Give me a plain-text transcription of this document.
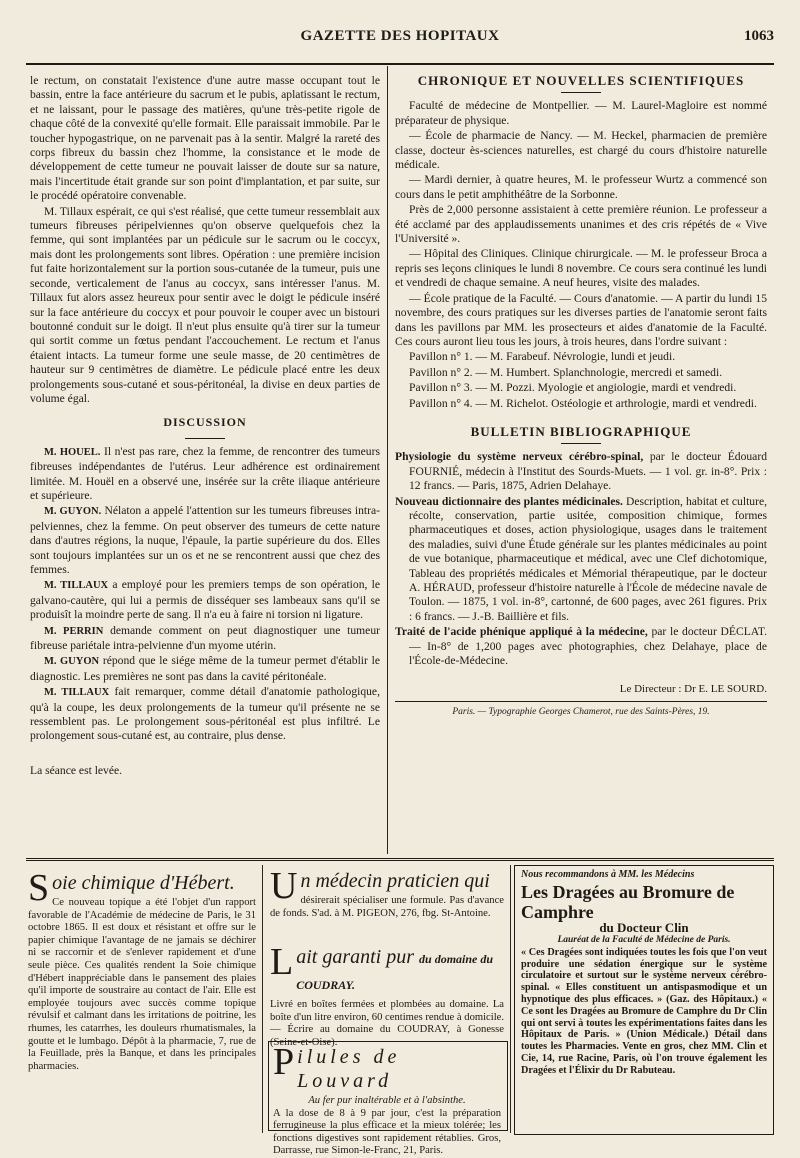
GAZETTE DES HOPITAUX	1063

le rectum, on constatait l'existence d'une autre masse occupant tout le bassin, entre la face antérieure du sacrum et le pubis, aplatissant le rectum, et ne laissant, pour le passage des matières, qu'une très-petite rigole de chaque côté de la convexité qu'elle formait. Elle paraissait immobile. Par le toucher hypogastrique, on ne parvenait pas à la sentir. Malgré la rareté des corps fibreux du bassin chez l'homme, la consistance et le mode de développement de cette tumeur ne pouvait laisser de doute sur sa nature, mais l'incertitude était grande sur son point d'implantation, et par suite, sur le procédé opératoire convenable.

M. Tillaux espérait, ce qui s'est réalisé, que cette tumeur ressemblait aux tumeurs fibreuses péripelviennes qu'on observe quelquefois chez la femme, qui sont implantées par un pédicule sur le sacrum ou le coccyx, mais dont les prolongements sont libres. Opération : une première incision fut faite horizontalement sur la portion sous-cutanée de la tumeur, puis une seconde, verticalement de l'anus au coccyx, sans intéresser l'anus. M. Tillaux fut alors assez heureux pour sentir avec le doigt le pédicule inséré sur la face antérieure du coccyx et pour pouvoir le couper avec un bistouri boutonné conduit sur le doigt. Il n'eut plus ensuite qu'à tirer sur la tumeur qui sortit comme un fœtus pendant l'accouchement. Le rectum et l'anus étaient intacts. La tumeur forme une seule masse, de 20 centimètres de hauteur sur 9 centimètres de diamètre. Le pédicule placé entre les deux prolongements sous-cutané et sous-péritonéal, la divise en deux parties de volume égal.

DISCUSSION

M. HOUEL. Il n'est pas rare, chez la femme, de rencontrer des tumeurs fibreuses indépendantes de l'utérus. Leur adhérence est ordinairement limitée. M. Houël en a observé une, insérée sur la crête iliaque antérieure et supérieure.

M. GUYON. Nélaton a appelé l'attention sur les tumeurs fibreuses intra-pelviennes, chez la femme. On peut observer des tumeurs de cette nature dans d'autres régions, la nuque, l'épaule, la partie supérieure du dos. Elles sont toujours implantées sur un os et ne se rencontrent aussi que chez des femmes.

M. TILLAUX a employé pour les premiers temps de son opération, le galvano-cautère, qui lui a permis de disséquer ses lambeaux sans qu'il se produisît la moindre perte de sang. Il n'a eu à faire ni torsion ni ligature.

M. PERRIN demande comment on peut diagnostiquer une tumeur fibreuse pariétale intra-pelvienne d'un myome utérin.

M. GUYON répond que le siége même de la tumeur permet d'établir le diagnostic. Les premières ne sont pas dans la cavité péritonéale.

M. TILLAUX fait remarquer, comme détail d'anatomie pathologique, qu'à la coupe, les deux prolongements de la tumeur qu'il présente ne se ressemblent pas. Le prolongement sous-péritonéal est plus infiltré. Le prolongement sous-cutané est, au contraire, plus dense.

La séance est levée.

CHRONIQUE ET NOUVELLES SCIENTIFIQUES

Faculté de médecine de Montpellier. — M. Laurel-Magloire est nommé préparateur de physique.

— École de pharmacie de Nancy. — M. Heckel, pharmacien de première classe, docteur ès-sciences naturelles, est chargé du cours d'histoire naturelle médicale.

— Mardi dernier, à quatre heures, M. le professeur Wurtz a commencé son cours dans le petit amphithéâtre de la Sorbonne.

Près de 2,000 personne assistaient à cette première réunion. Le professeur a été acclamé par des applaudissements unanimes et des cris répétés de « Vive l'Université ».

— Hôpital des Cliniques. Clinique chirurgicale. — M. le professeur Broca a repris ses leçons cliniques le lundi 8 novembre. Ce cours sera continué les lundi et vendredi de chaque semaine. A neuf heures, visite des malades.

— École pratique de la Faculté. — Cours d'anatomie. — A partir du lundi 15 novembre, des cours pratiques sur les diverses parties de l'anatomie seront faits dans les pavillons par MM. les prosecteurs et aides d'anatomie de la Faculté. Ces cours auront lieu tous les jours, à trois heures, dans l'ordre suivant :

Pavillon n° 1. — M. Farabeuf. Névrologie, lundi et jeudi.

Pavillon n° 2. — M. Humbert. Splanchnologie, mercredi et samedi.

Pavillon n° 3. — M. Pozzi. Myologie et angiologie, mardi et vendredi.

Pavillon n° 4. — M. Richelot. Ostéologie et arthrologie, mardi et vendredi.

BULLETIN BIBLIOGRAPHIQUE

Physiologie du système nerveux cérébro-spinal, par le docteur Édouard FOURNIÉ, médecin à l'Institut des Sourds-Muets. — 1 vol. gr. in-8°. Prix : 12 francs. — Paris, 1875, Adrien Delahaye.

Nouveau dictionnaire des plantes médicinales. Description, habitat et culture, récolte, conservation, partie usitée, composition chimique, formes pharmaceutiques et doses, action physiologique, usages dans le traitement des maladies, suivi d'une Étude générale sur les plantes médicinales au point de vue botanique, pharmaceutique et médical, avec une Clef dichotomique, Tableau des propriétés médicales et Mémorial thérapeutique, par le docteur A. HÉRAUD, professeur d'histoire naturelle à l'École de médecine navale de Toulon. — 1875, 1 vol. in-8°, cartonné, de 600 pages, avec 261 figures. Prix : 6 francs. — J.-B. Baillière et fils.

Traité de l'acide phénique appliqué à la médecine, par le docteur DÉCLAT. — In-8° de 1,200 pages avec photographies, chez Delahaye, place de l'École-de-Médecine.

Le Directeur : Dr E. LE SOURD.
Paris. — Typographie Georges Chamerot, rue des Saints-Pères, 19.
Soie chimique d'Hébert.

Ce nouveau topique a été l'objet d'un rapport favorable de l'Académie de médecine de Paris, le 31 octobre 1865. Il est doux et résistant et offre sur le papier chimique l'avantage de ne jamais se déchirer ni se raccornir et de s'enlever rapidement et d'une seule pièce. Ces qualités rendent la Soie chimique d'Hébert inappréciable dans le pansement des plaies qu'il importe de soustraire au contact de l'air. Elle est employée toujours avec succès comme topique révulsif et calmant dans les irritations de poitrine, les rhumes, les catarrhes, les douleurs rhumatismales, la goutte et le lumbago. Dépôt à la pharmacie, 7, rue de la Feuillade, près la Banque, et dans les principales pharmacies.

Un médecin praticien qui

désirerait spécialiser une formule. Pas d'avance de fonds. S'ad. à M. PIGEON, 276, fbg. St-Antoine.

Lait garanti pur du domaine du COUDRAY.

Livré en boîtes fermées et plombées au domaine. La boîte d'un litre environ, 60 centimes rendue à domicile. — Écrire au domaine du COUDRAY, à Gonesse (Seine-et-Oise).

Pilules de Louvard

Au fer pur inaltérable et à l'absinthe.

A la dose de 8 à 9 par jour, c'est la préparation ferrugineuse la plus efficace et la mieux tolérée; les fonctions digestives sont rapidement rétablies. Gros, Darrasse, rue Simon-le-Franc, 21, Paris.

Nous recommandons à MM. les Médecins

Les Dragées au Bromure de Camphre
du Docteur Clin
Lauréat de la Faculté de Médecine de Paris.

« Ces Dragées sont indiquées toutes les fois que l'on veut produire une sédation énergique sur le système circulatoire et surtout sur le système nerveux cérébro-spinal. « Elles constituent un antispasmodique et un hypnotique des plus efficaces. » (Gaz. des Hôpitaux.) « Ce sont les Dragées au Bromure de Camphre du Dr Clin qui ont servi à toutes les expérimentations faites dans les Hôpitaux de Paris. » (Union Médicale.) Détail dans toutes les Pharmacies. Vente en gros, chez MM. Clin et Cie, 14, rue Racine, Paris, où l'on trouve également les Dragées et l'Élixir du Dr Rabuteau.
